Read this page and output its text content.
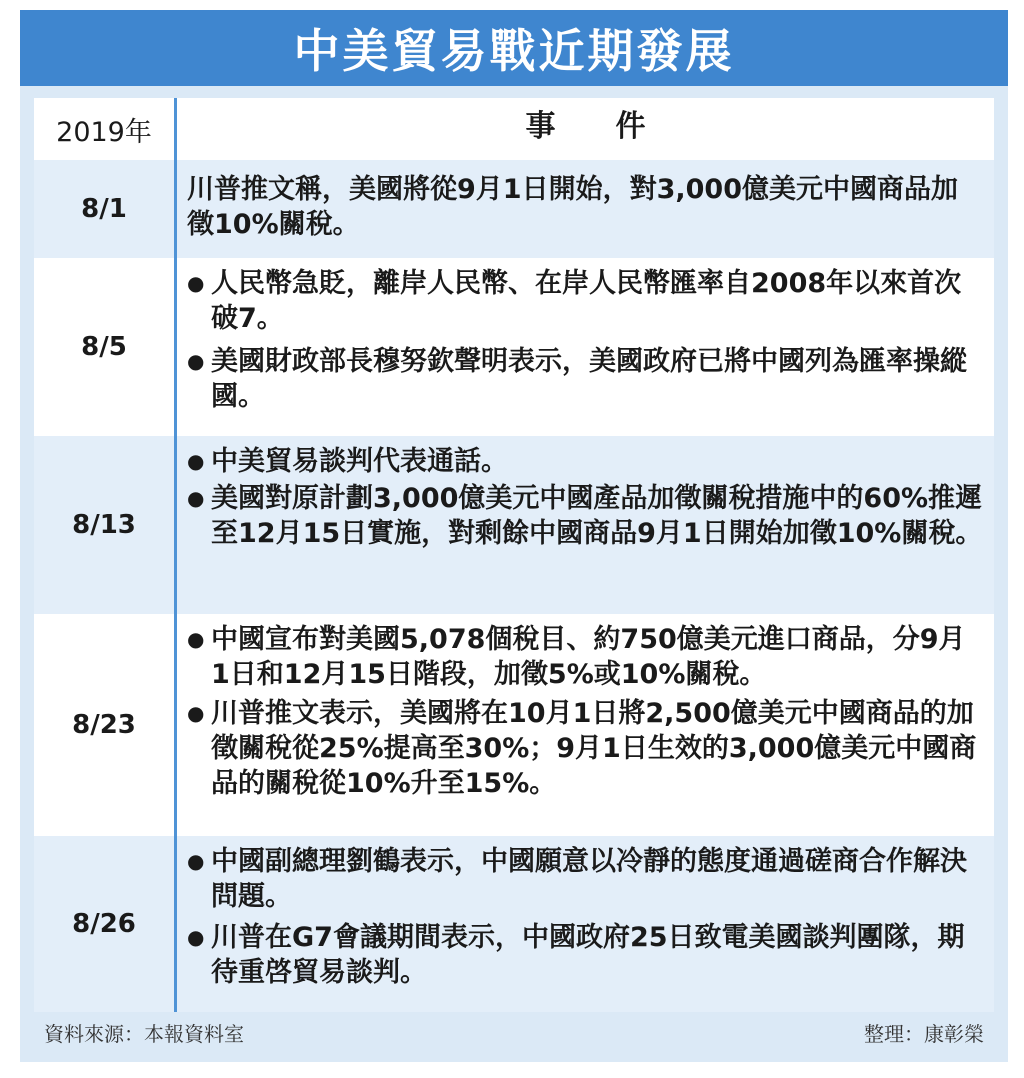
中美貿易戰近期發展
2019年	事件
8/1
川普推文稱，美國將從9月1日開始，對3,000億美元中國商品加徵10%關稅。
8/5
● 人民幣急貶，離岸人民幣、在岸人民幣匯率自2008年以來首次破7。
● 美國財政部長穆努欽聲明表示，美國政府已將中國列為匯率操縱國。
8/13
● 中美貿易談判代表通話。
● 美國對原計劃3,000億美元中國產品加徵關稅措施中的60%推遲至12月15日實施，對剩餘中國商品9月1日開始加徵10%關稅。
8/23
● 中國宣布對美國5,078個稅目、約750億美元進口商品，分9月1日和12月15日階段，加徵5%或10%關稅。
● 川普推文表示，美國將在10月1日將2,500億美元中國商品的加徵關稅從25%提高至30%；9月1日生效的3,000億美元中國商品的關稅從10%升至15%。
8/26
● 中國副總理劉鶴表示，中國願意以冷靜的態度通過磋商合作解決問題。
● 川普在G7會議期間表示，中國政府25日致電美國談判團隊，期待重啓貿易談判。
資料來源：本報資料室	整理：康彰榮
